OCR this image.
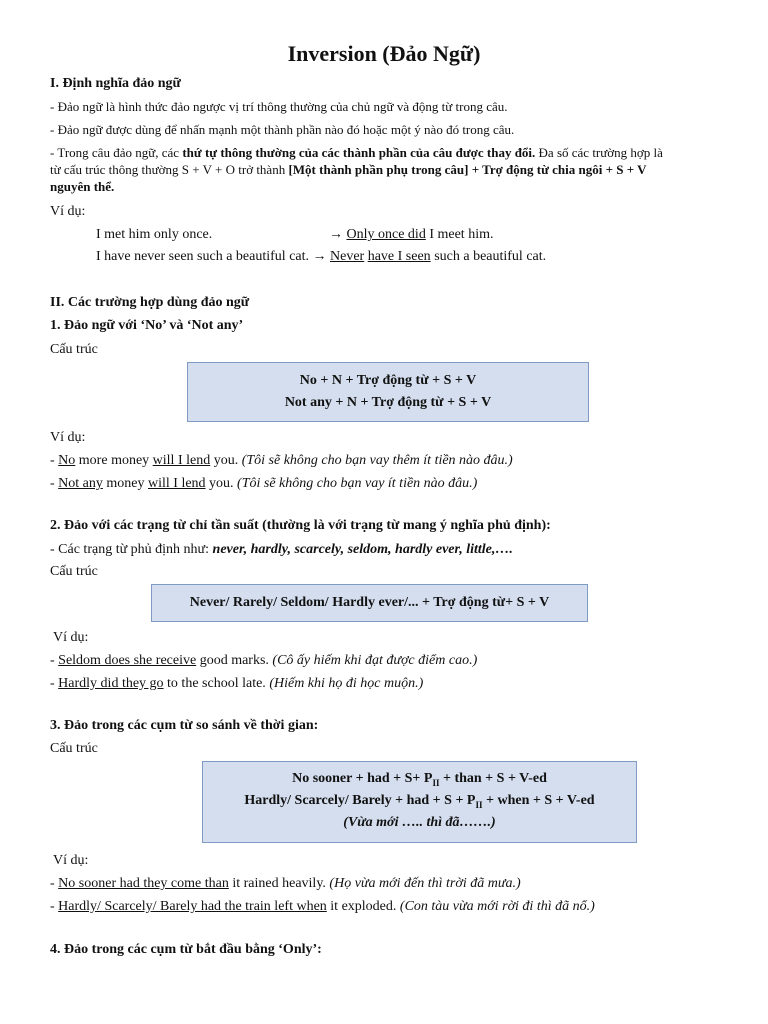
Inversion (Đảo Ngữ)
I. Định nghĩa đảo ngữ
- Đảo ngữ là hình thức đảo ngược vị trí thông thường của chủ ngữ và động từ trong câu.
- Đảo ngữ được dùng để nhấn mạnh một thành phần nào đó hoặc một ý nào đó trong câu.
- Trong câu đảo ngữ, các thứ tự thông thường của các thành phần của câu được thay đổi. Đa số các trường hợp là
từ cấu trúc thông thường S + V + O trở thành [Một thành phần phụ trong câu] + Trợ động từ chia ngôi + S + V
nguyên thể.
Ví dụ:
I met him only once.	→ Only once did I meet him.
I have never seen such a beautiful cat. → Never have I seen such a beautiful cat.
II. Các trường hợp dùng đảo ngữ
1. Đảo ngữ với ‘No’ và ‘Not any’
Cấu trúc
No + N + Trợ động từ + S + V
Not any + N + Trợ động từ + S + V
Ví dụ:
- No more money will I lend you. (Tôi sẽ không cho bạn vay thêm ít tiền nào đâu.)
- Not any money will I lend you. (Tôi sẽ không cho bạn vay ít tiền nào đâu.)
2. Đảo với các trạng từ chỉ tần suất (thường là với trạng từ mang ý nghĩa phủ định):
- Các trạng từ phủ định như: never, hardly, scarcely, seldom, hardly ever, little,….
Cấu trúc
Never/ Rarely/ Seldom/ Hardly ever/... + Trợ động từ+ S + V
Ví dụ:
- Seldom does she receive good marks. (Cô ấy hiếm khi đạt được điểm cao.)
- Hardly did they go to the school late. (Hiếm khi họ đi học muộn.)
3. Đảo trong các cụm từ so sánh về thời gian:
Cấu trúc
No sooner + had + $S+ P_{II}$ + than + S + V-ed
Hardly/ Scarcely/ Barely + had + $S + P_{II}$ + when + S + V-ed
(Vừa mới ….. thì đã…….)
Ví dụ:
- No sooner had they come than it rained heavily. (Họ vừa mới đến thì trời đã mưa.)
- Hardly/ Scarcely/ Barely had the train left when it exploded. (Con tàu vừa mới rời đi thì đã nổ.)
4. Đảo trong các cụm từ bắt đầu bằng ‘Only’:
